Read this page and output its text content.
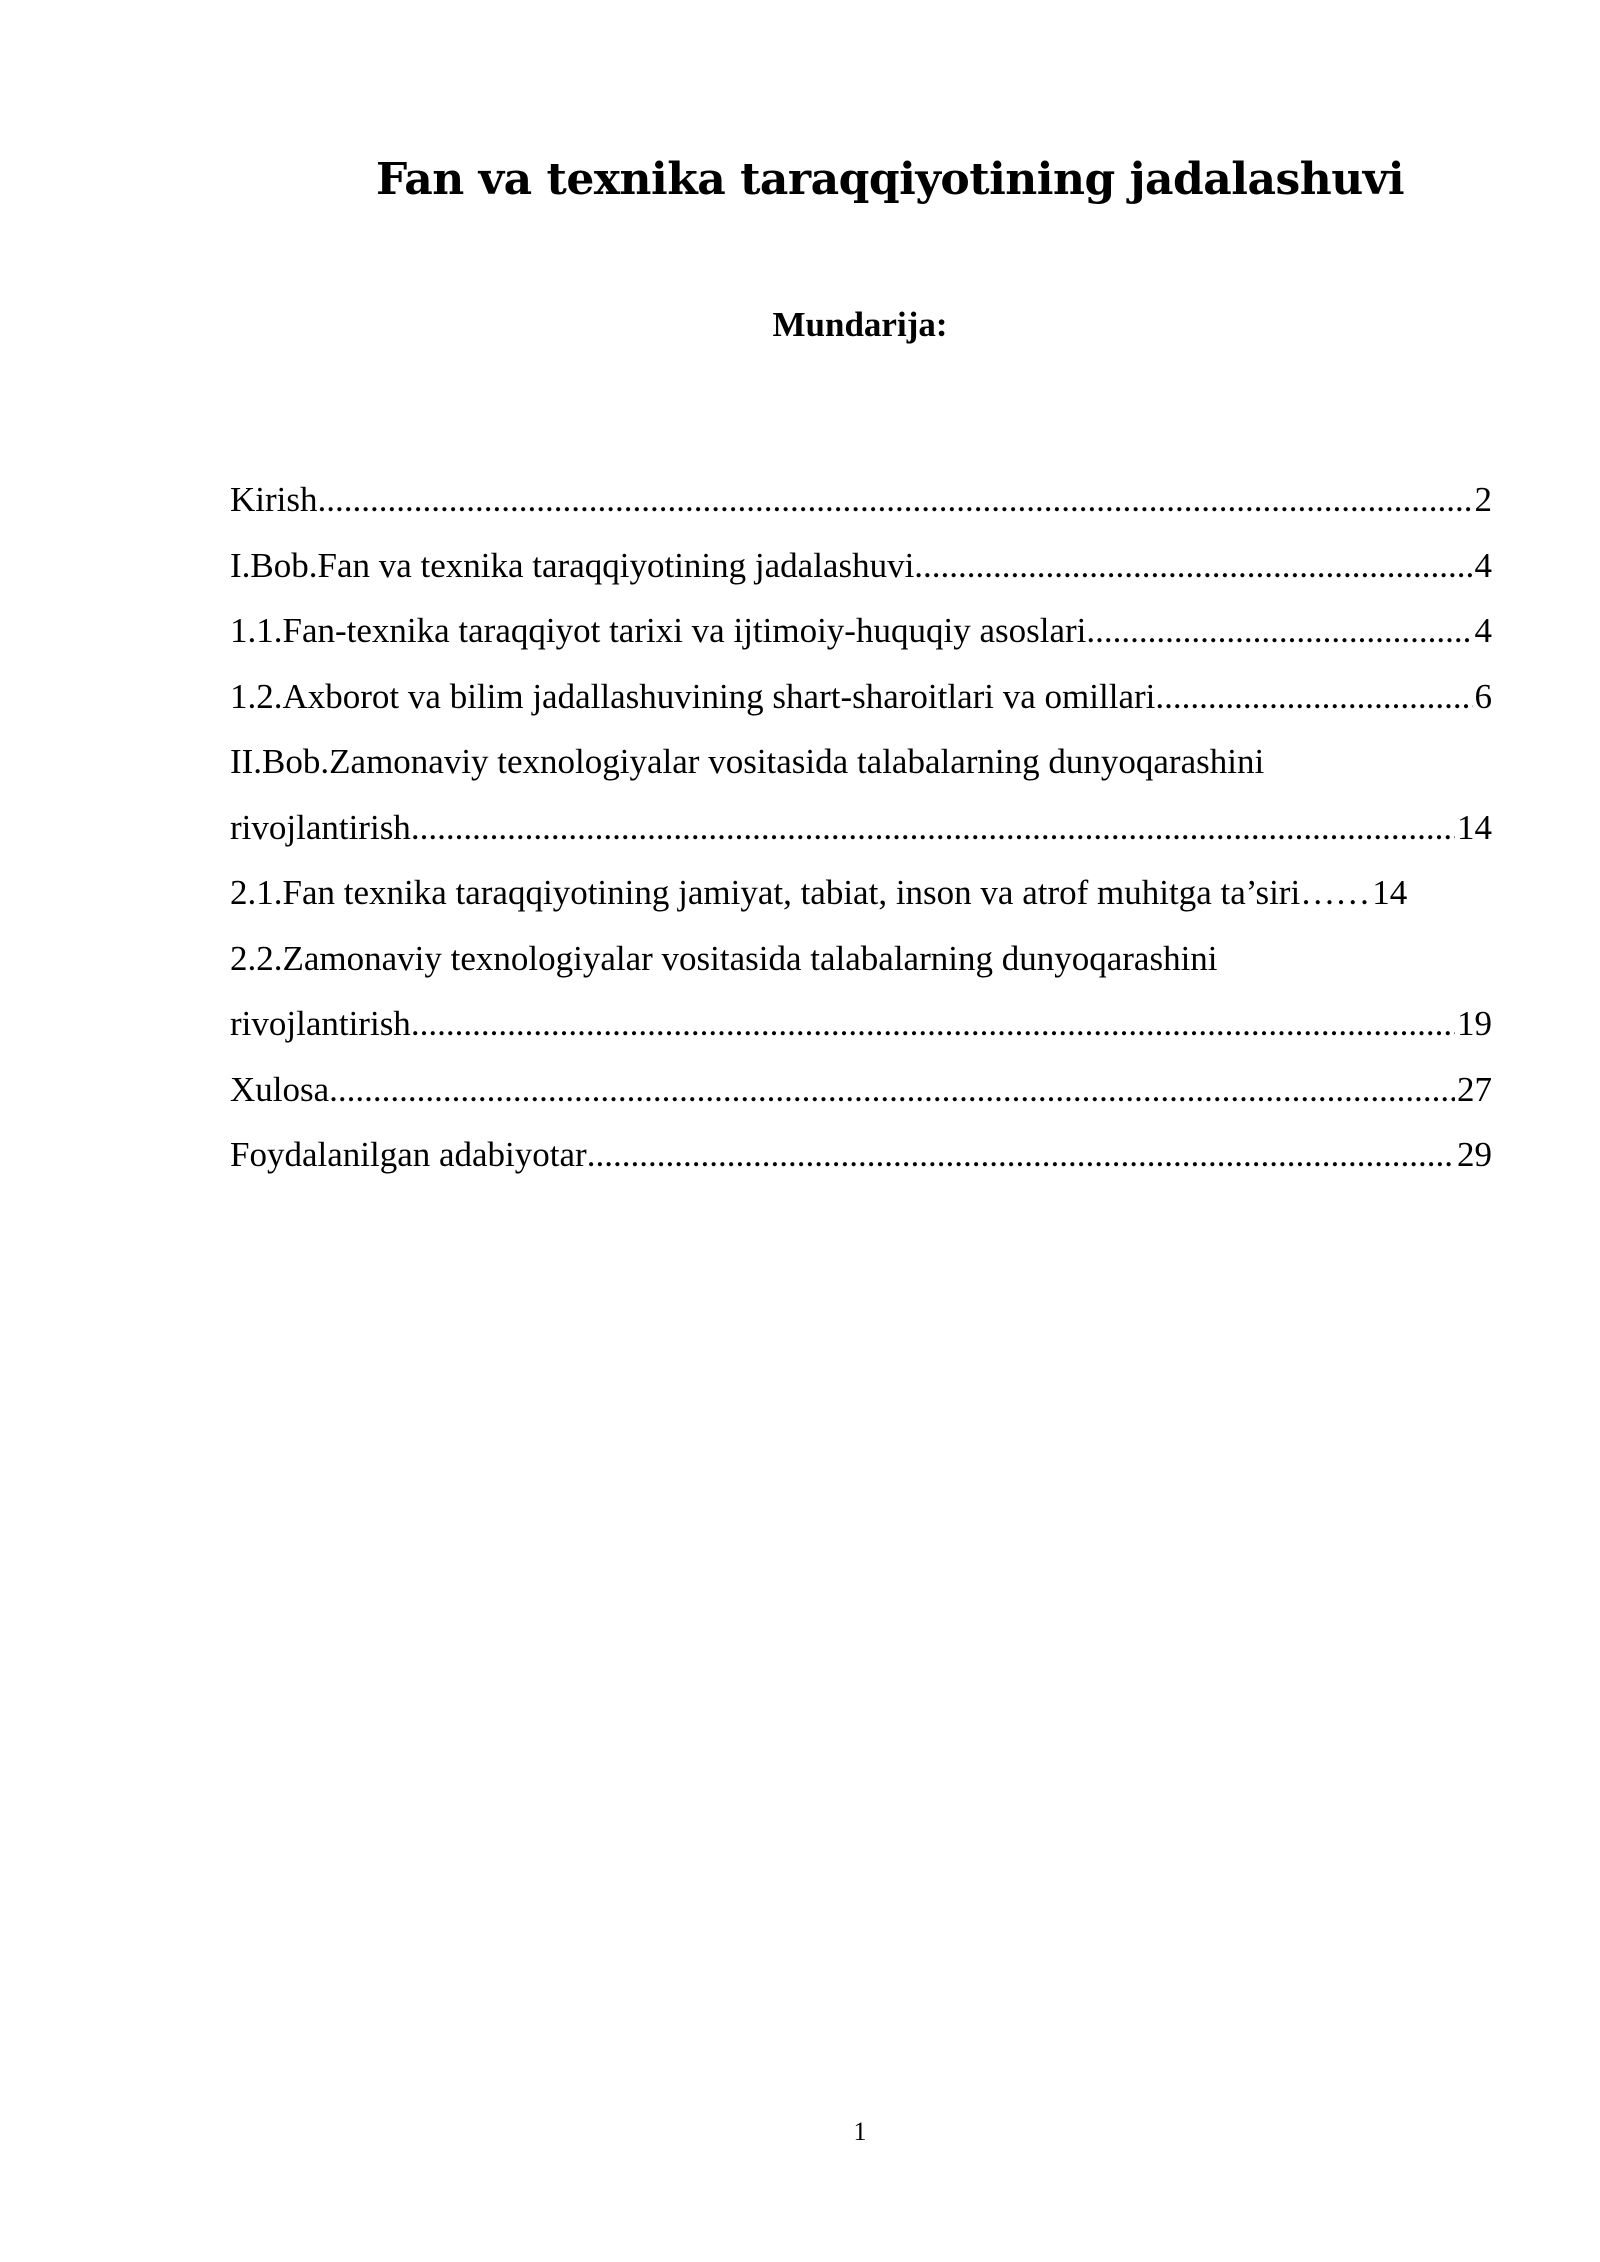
Fan va texnika taraqqiyotining jadalashuvi
Mundarija:
Kirish .....	2
I.Bob.Fan va texnika taraqqiyotining jadalashuvi .....	4
1.1.Fan-texnika taraqqiyot tarixi va ijtimoiy-huquqiy asoslari .....	4
1.2.Axborot va bilim jadallashuvining shart-sharoitlari va omillari .....	6
II.Bob.Zamonaviy texnologiyalar vositasida talabalarning dunyoqarashini
rivojlantirish .....	14
2.1.Fan texnika taraqqiyotining jamiyat, tabiat, inson va atrof muhitga ta’siri …… 14
2.2.Zamonaviy texnologiyalar vositasida talabalarning dunyoqarashini
rivojlantirish .....	19
Xulosa .....	27
Foydalanilgan adabiyotar .....	29
1
